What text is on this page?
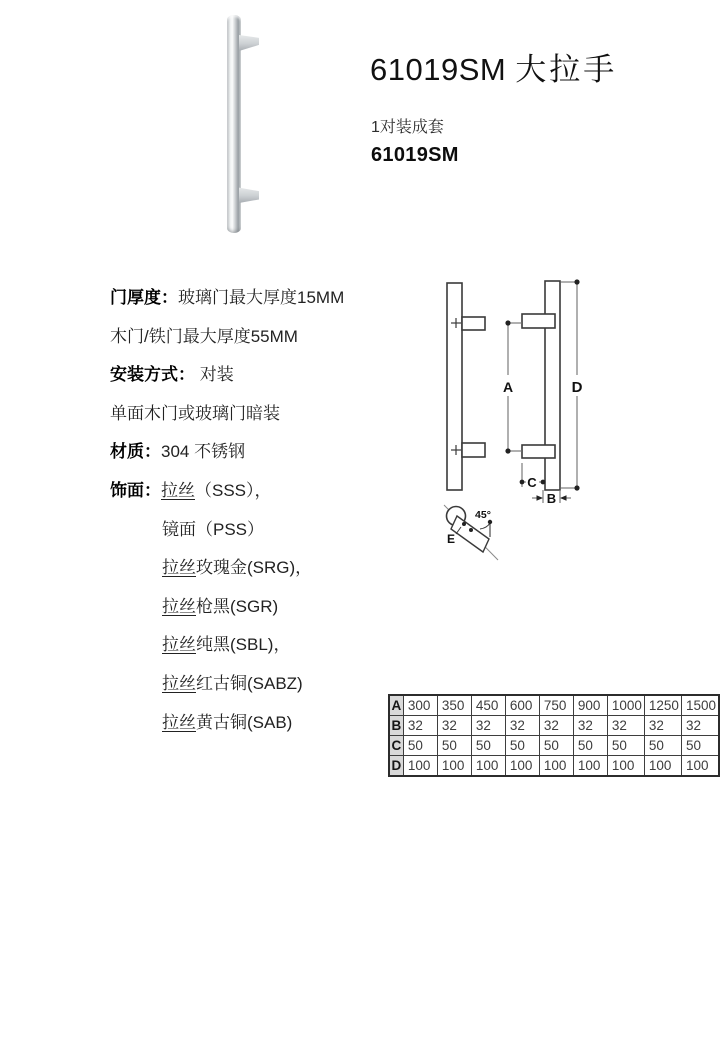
61019SM 大拉手
1对装成套
61019SM
门厚度：玻璃门最大厚度15MM
木门/铁门最大厚度55MM
安装方式： 对装
单面木门或玻璃门暗装
材质：304 不锈钢
饰面：拉丝（SSS），
镜面（PSS）
拉丝玫瑰金(SRG)，
拉丝枪黑(SGR)
拉丝纯黑(SBL)，
拉丝红古铜(SABZ)
拉丝黄古铜(SAB)
A	D
C
B
E
45°
A	300	350	450	600	750	900	1000	1250	1500
B	32	32	32	32	32	32	32	32	32
C	50	50	50	50	50	50	50	50	50
D	100	100	100	100	100	100	100	100	100
